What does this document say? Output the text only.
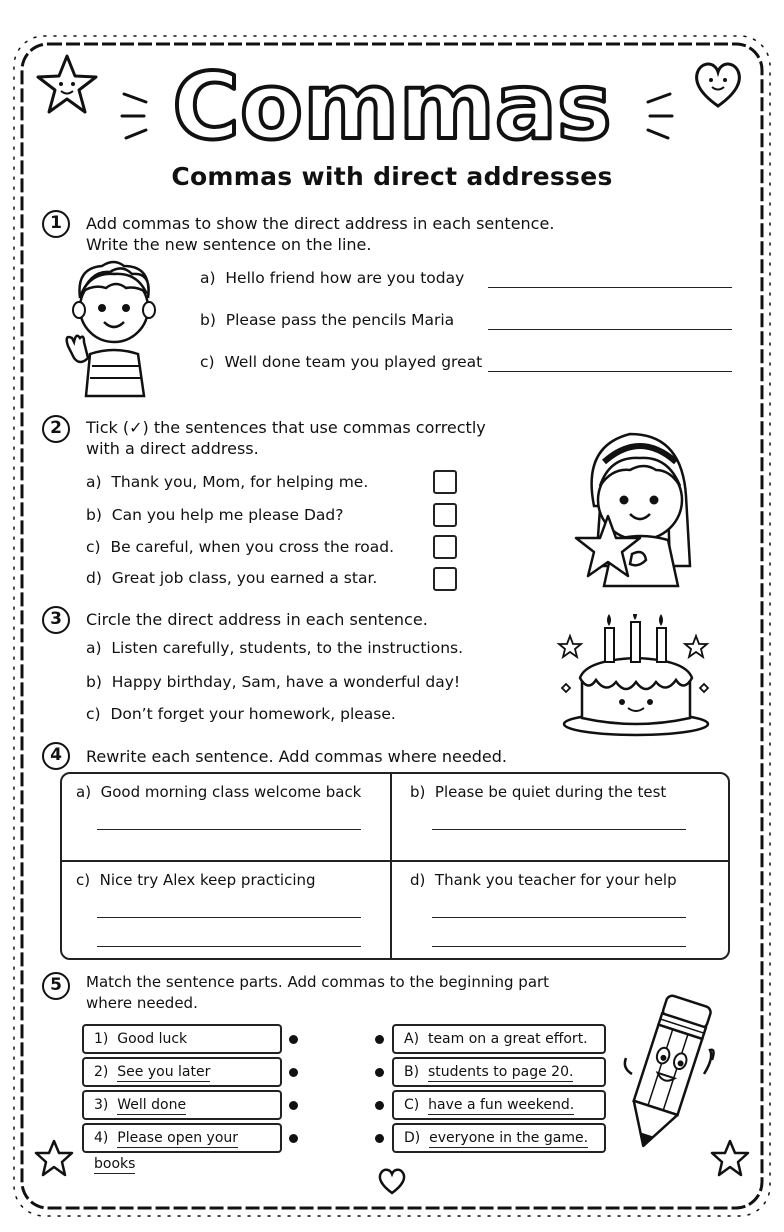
Commas
Commas with direct addresses
1	Add commas to show the direct address in each sentence.
Write the new sentence on the line.
a) Hello friend how are you today
b) Please pass the pencils Maria
c) Well done team you played great
2	Tick (✓) the sentences that use commas correctly
with a direct address.
a) Thank you, Mom, for helping me.
b) Can you help me please Dad?
c) Be careful, when you cross the road.
d) Great job class, you earned a star.
3	Circle the direct address in each sentence.
a) Listen carefully, students, to the instructions.
b) Happy birthday, Sam, have a wonderful day!
c) Don’t forget your homework, please.
4	Rewrite each sentence. Add commas where needed.
a) Good morning class welcome back	b) Please be quiet during the test
c) Nice try Alex keep practicing	d) Thank you teacher for your help
5	Match the sentence parts. Add commas to the beginning part
where needed.
1) Good luck
2) See you later
3) Well done
4) Please open your books
A) team on a great effort.
B) students to page 20.
C) have a fun weekend.
D) everyone in the game.
